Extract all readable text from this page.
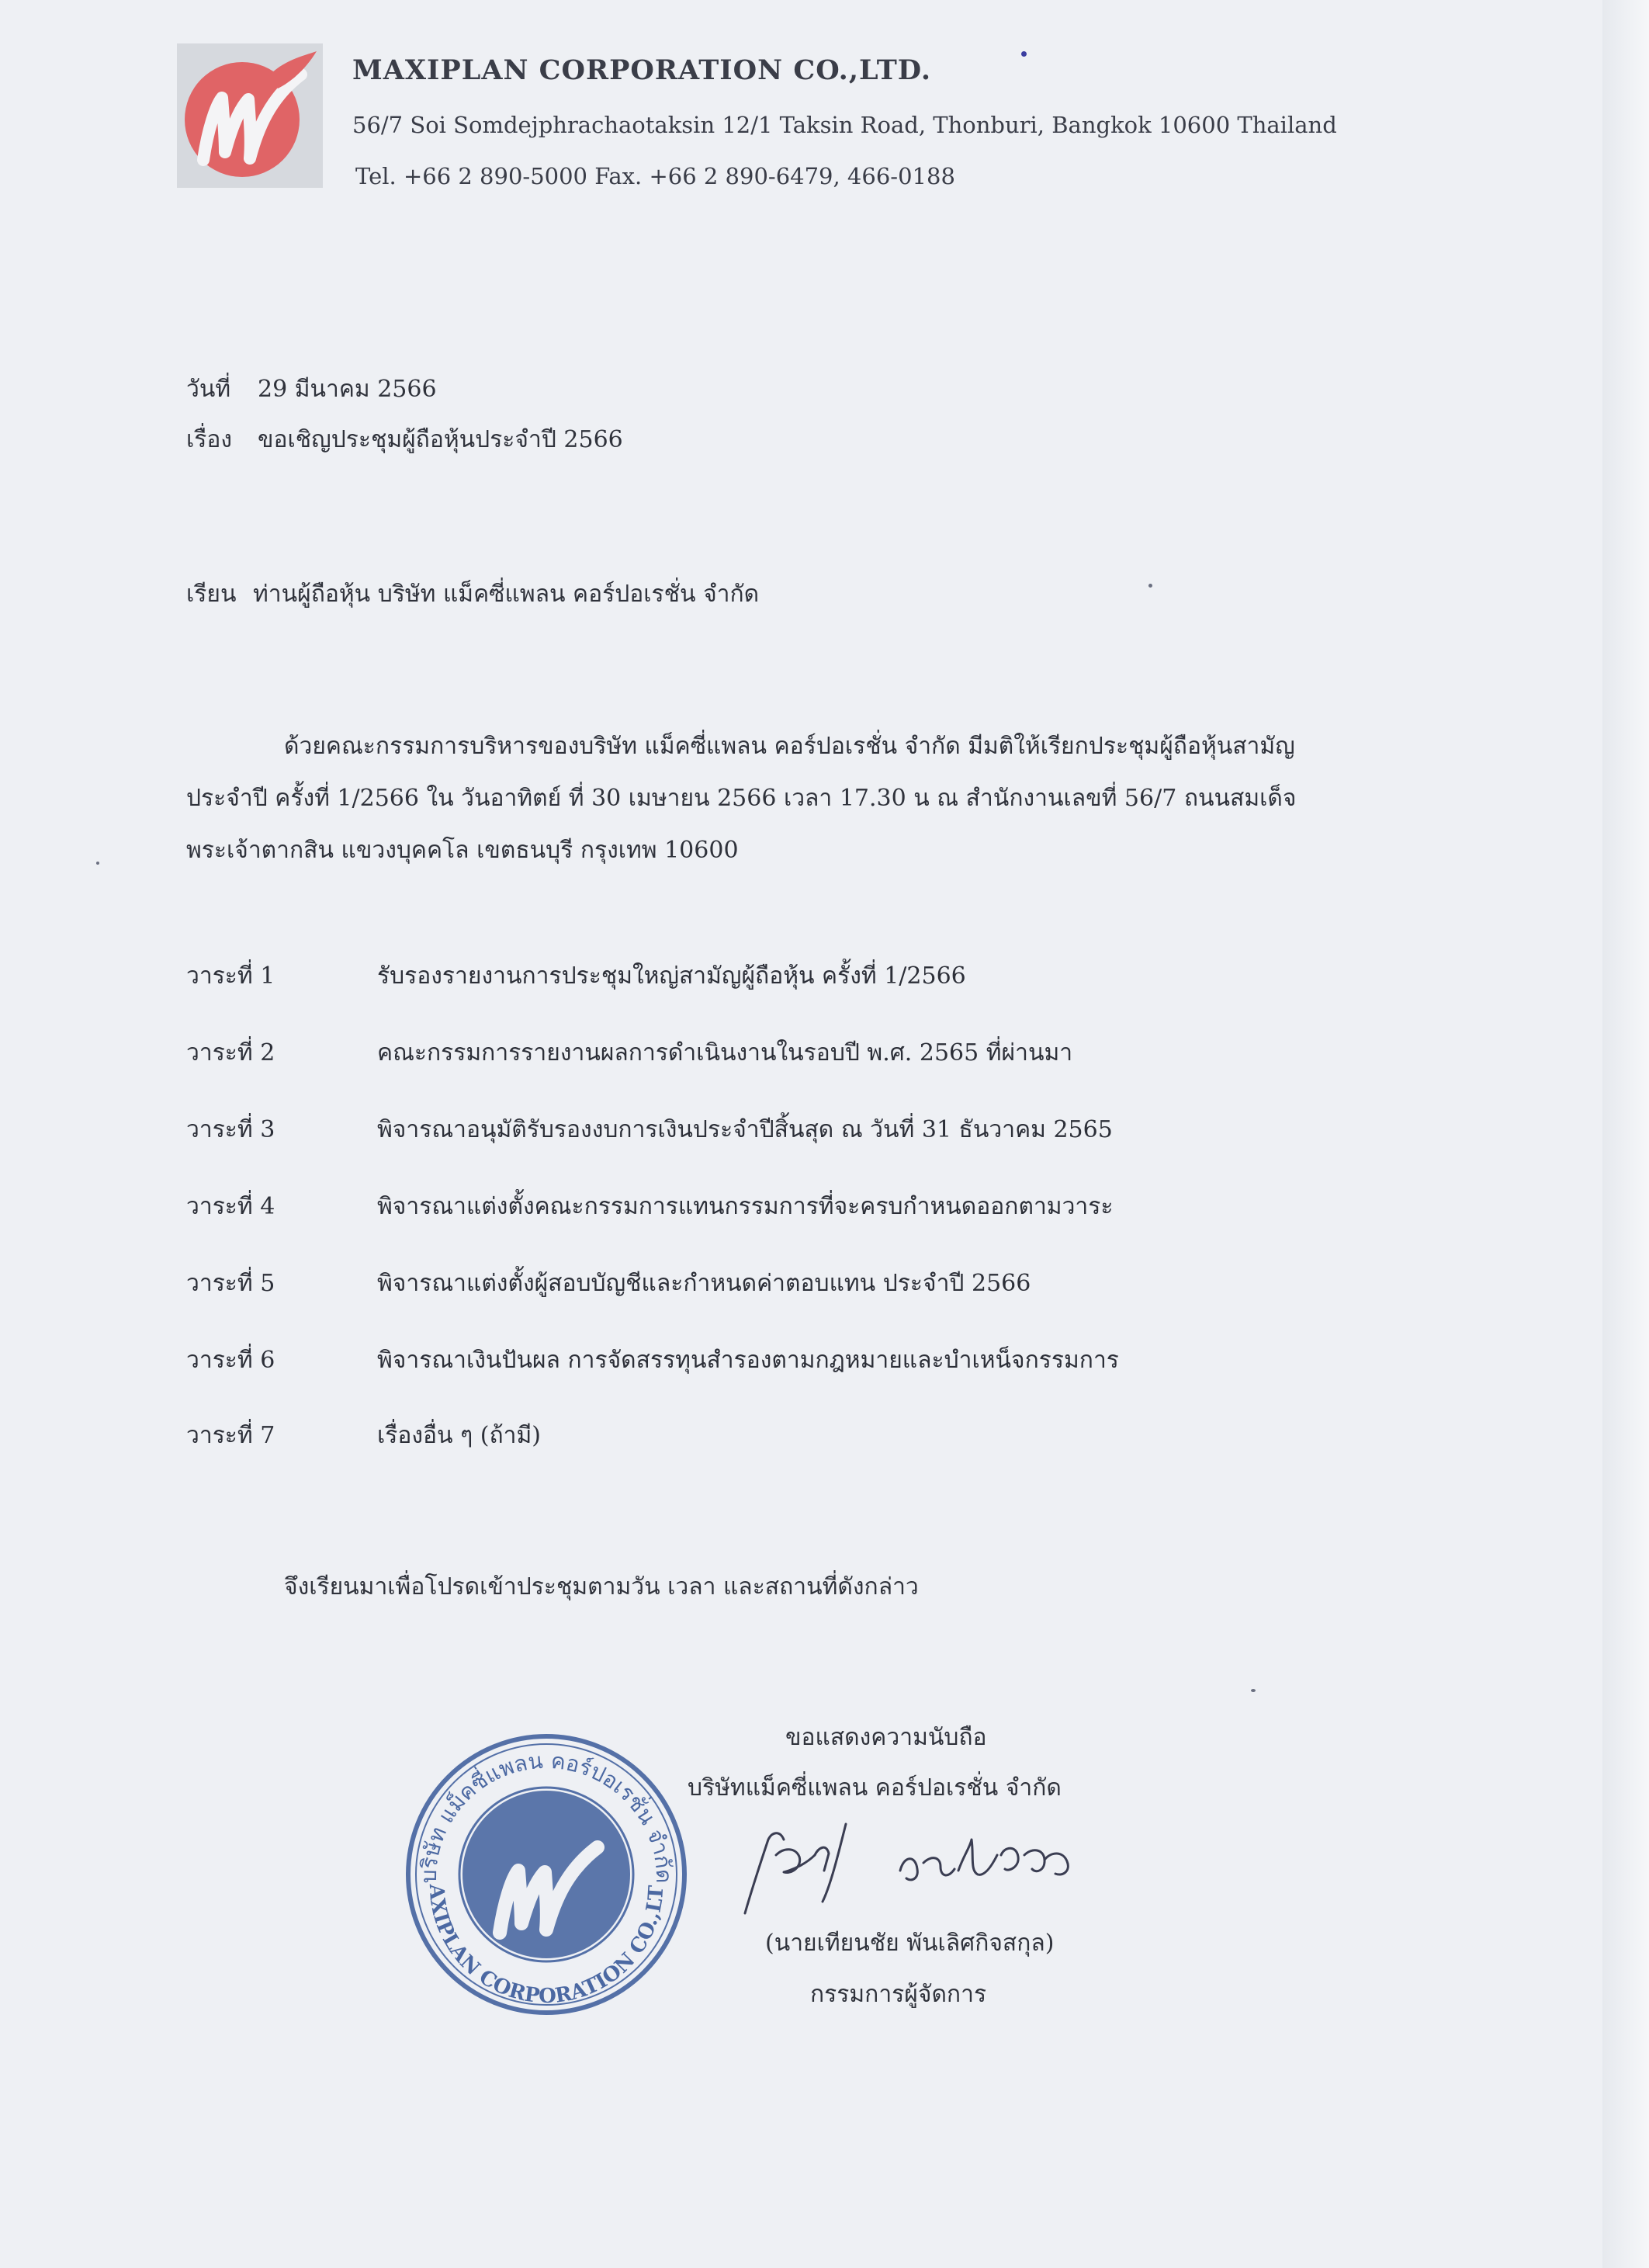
MAXIPLAN CORPORATION CO.,LTD.
56/7 Soi Somdejphrachaotaksin 12/1 Taksin Road, Thonburi, Bangkok 10600 Thailand
Tel. +66 2 890-5000 Fax. +66 2 890-6479, 466-0188
วันที่ 29 มีนาคม 2566
เรื่อง ขอเชิญประชุมผู้ถือหุ้นประจำปี 2566
เรียน ท่านผู้ถือหุ้น บริษัท แม็คซี่แพลน คอร์ปอเรชั่น จำกัด
ด้วยคณะกรรมการบริหารของบริษัท แม็คซี่แพลน คอร์ปอเรชั่น จำกัด มีมติให้เรียกประชุมผู้ถือหุ้นสามัญ
ประจำปี ครั้งที่ 1/2566 ใน วันอาทิตย์ ที่ 30 เมษายน 2566 เวลา 17.30 น ณ สำนักงานเลขที่ 56/7 ถนนสมเด็จ
พระเจ้าตากสิน แขวงบุคคโล เขตธนบุรี กรุงเทพ 10600
วาระที่ 1	รับรองรายงานการประชุมใหญ่สามัญผู้ถือหุ้น ครั้งที่ 1/2566
วาระที่ 2	คณะกรรมการรายงานผลการดำเนินงานในรอบปี พ.ศ. 2565 ที่ผ่านมา
วาระที่ 3	พิจารณาอนุมัติรับรองงบการเงินประจำปีสิ้นสุด ณ วันที่ 31 ธันวาคม 2565
วาระที่ 4	พิจารณาแต่งตั้งคณะกรรมการแทนกรรมการที่จะครบกำหนดออกตามวาระ
วาระที่ 5	พิจารณาแต่งตั้งผู้สอบบัญชีและกำหนดค่าตอบแทน ประจำปี 2566
วาระที่ 6	พิจารณาเงินปันผล การจัดสรรทุนสำรองตามกฎหมายและบำเหน็จกรรมการ
วาระที่ 7	เรื่องอื่น ๆ (ถ้ามี)
จึงเรียนมาเพื่อโปรดเข้าประชุมตามวัน เวลา และสถานที่ดังกล่าว
บริษัท แม็คซี่แพลน คอร์ปอเรชั่น จำกัด
AXIPLAN CORPORATION CO.,LT
ขอแสดงความนับถือ
บริษัทแม็คซี่แพลน คอร์ปอเรชั่น จำกัด
(นายเทียนชัย พันเลิศกิจสกุล)
กรรมการผู้จัดการ
